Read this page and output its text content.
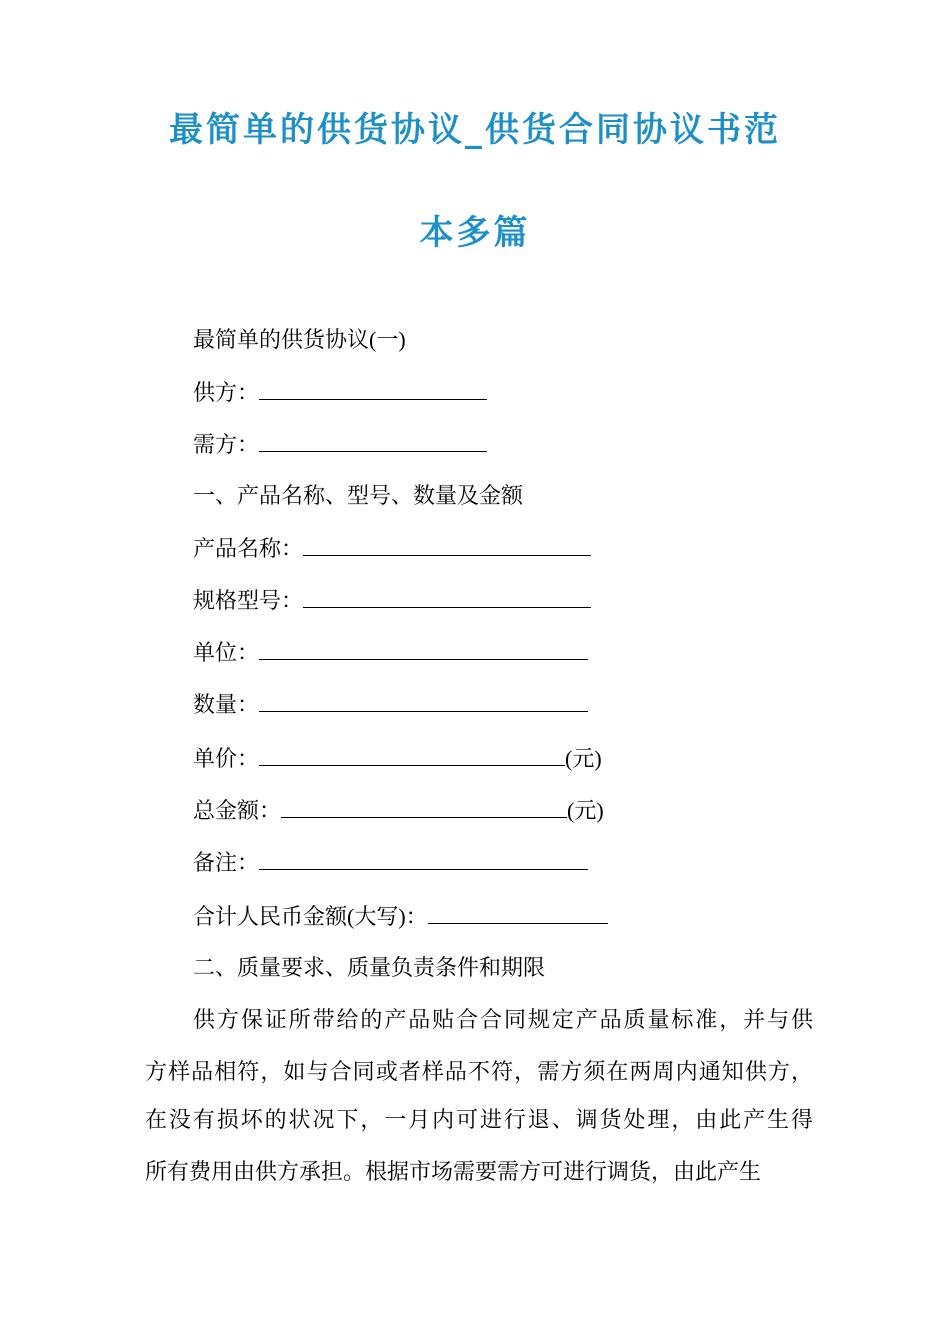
最简单的供货协议_供货合同协议书范
本多篇
最简单的供货协议(一)
供方：
需方：
一、产品名称、型号、数量及金额
产品名称：
规格型号：
单位：
数量：
单价：	(元)
总金额：	(元)
备注：
合计人民币金额(大写)：
二、质量要求、质量负责条件和期限
供方保证所带给的产品贴合合同规定产品质量标准，并与供
方样品相符，如与合同或者样品不符，需方须在两周内通知供方，
在没有损坏的状况下，一月内可进行退、调货处理，由此产生得
所有费用由供方承担。根据市场需要需方可进行调货，由此产生
